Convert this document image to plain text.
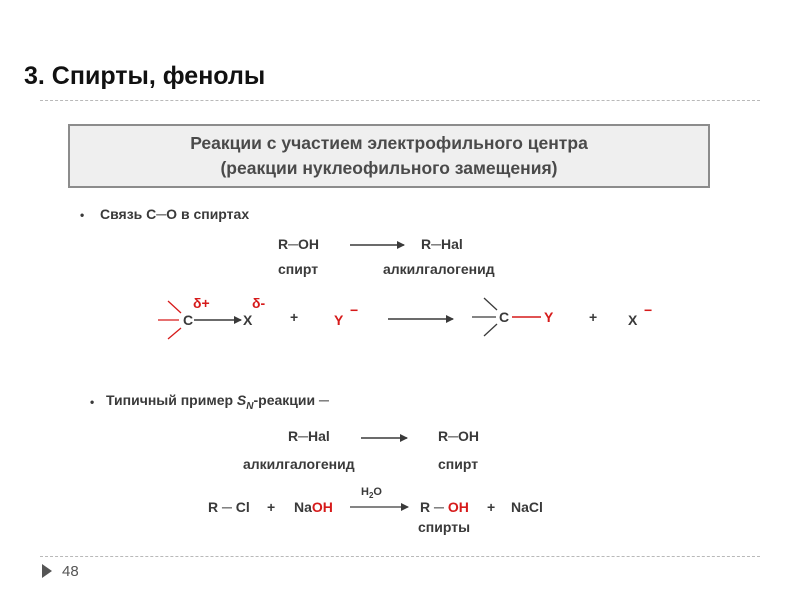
3. Спирты, фенолы
Реакции с участием электрофильного центра
(реакции нуклеофильного замещения)
• Связь С─О в спиртах
R─OH	R─Hal
спирт	алкилгалогенид
C
δ+
X
δ-
+	Y
−	C Y	+ X
−
• Типичный пример $S_N$-реакции ─
R─Hal	R─OH
алкилгалогенид	спирт
R ─ Cl + NaOH
$H_2O$
R ─ OH
спирты
+ NaCl
48
